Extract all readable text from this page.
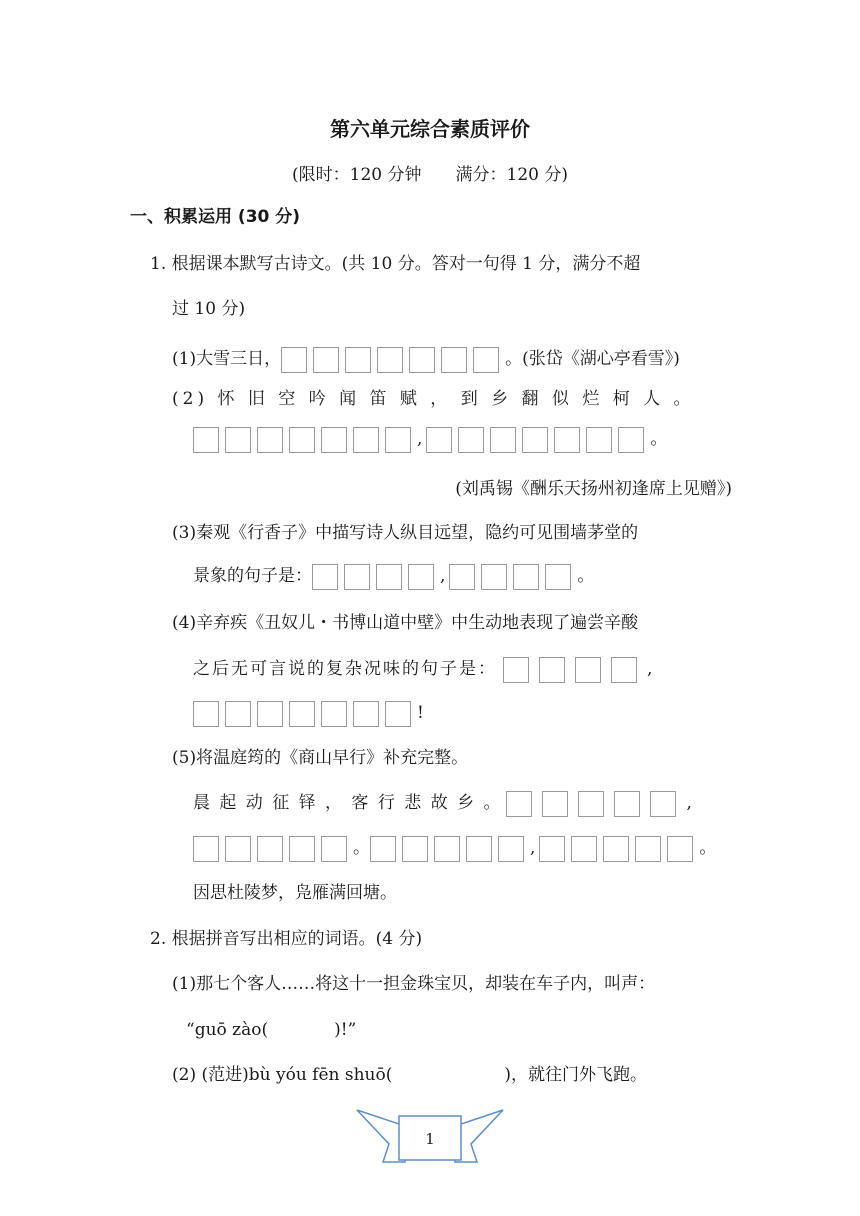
第六单元综合素质评价
(限时：120 分钟　　满分：120 分)
一、积累运用 (30 分)
1. 根据课本默写古诗文。(共 10 分。答对一句得 1 分，满分不超
过 10 分)
(1)大雪三日，	。(张岱《湖心亭看雪》)
(2) 怀 旧 空 吟 闻 笛 赋 ， 到 乡 翻 似 烂 柯 人 。
,	。
(刘禹锡《酬乐天扬州初逢席上见赠》)
(3)秦观《行香子》中描写诗人纵目远望，隐约可见围墙茅堂的
景象的句子是：	,	。
(4)辛弃疾《丑奴儿・书博山道中壁》中生动地表现了遍尝辛酸
之后无可言说的复杂况味的句子是：	,
!
(5)将温庭筠的《商山早行》补充完整。
晨 起 动 征 铎 ， 客 行 悲 故 乡 。	,
。	,	。
因思杜陵梦，凫雁满回塘。
2. 根据拼音写出相应的词语。(4 分)
(1)那七个客人……将这十一担金珠宝贝，却装在车子内，叫声：
“guō zào(	)!”
(2) (范进)bù yóu fēn shuō(	)，就往门外飞跑。
1
